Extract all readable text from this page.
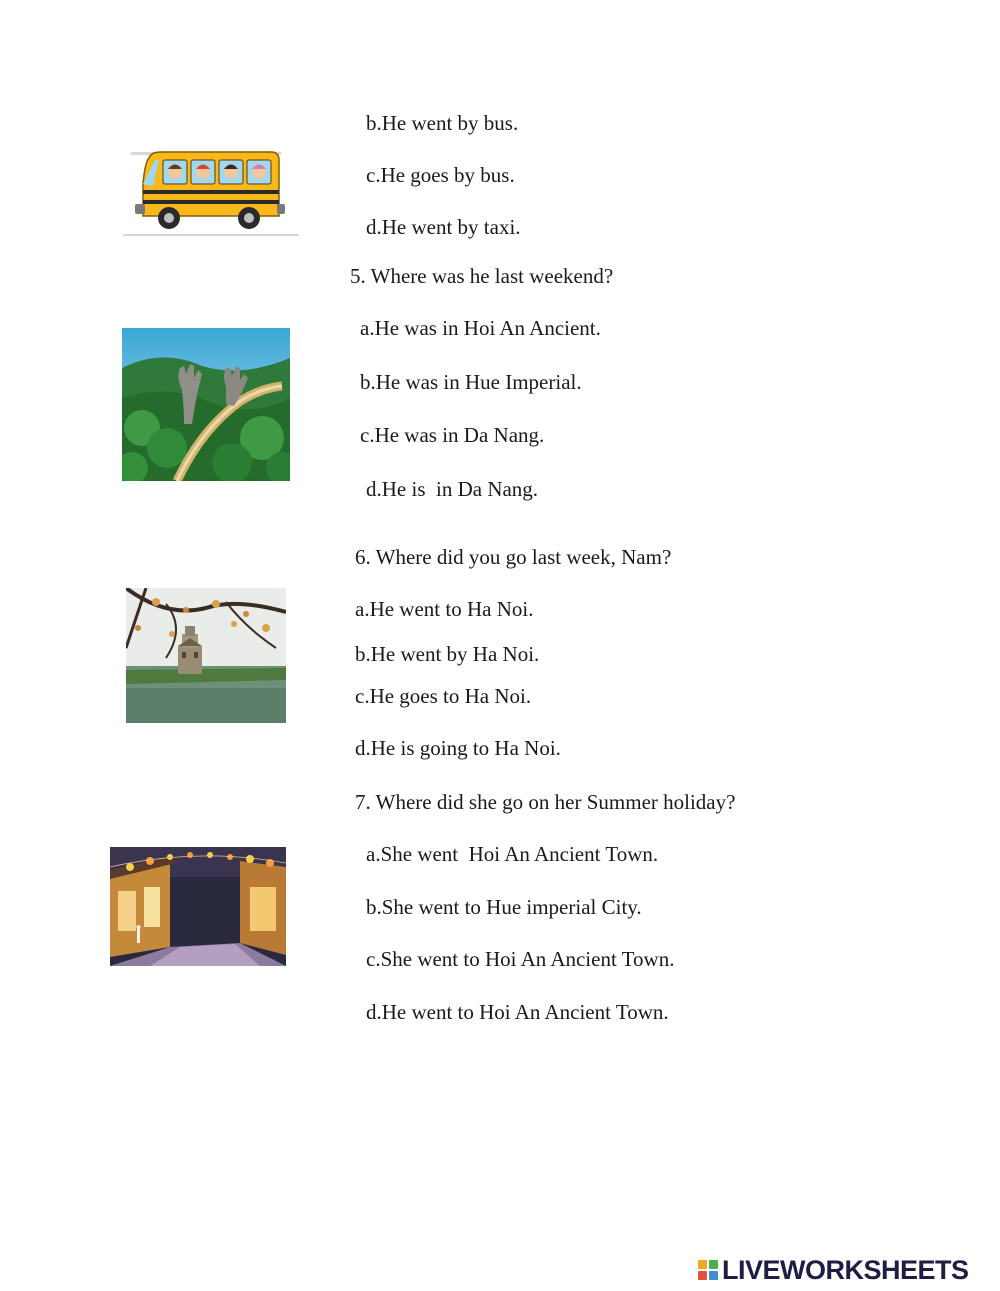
b.He went by bus.
c.He goes by bus.
d.He went by taxi.
5. Where was he last weekend?
a.He was in Hoi An Ancient.
b.He was in Hue Imperial.
c.He was in Da Nang.
d.He is  in Da Nang.
6. Where did you go last week, Nam?
a.He went to Ha Noi.
b.He went by Ha Noi.
c.He goes to Ha Noi.
d.He is going to Ha Noi.
7. Where did she go on her Summer holiday?
a.She went  Hoi An Ancient Town.
b.She went to Hue imperial City.
c.She went to Hoi An Ancient Town.
d.He went to Hoi An Ancient Town.
LIVEWORKSHEETS
